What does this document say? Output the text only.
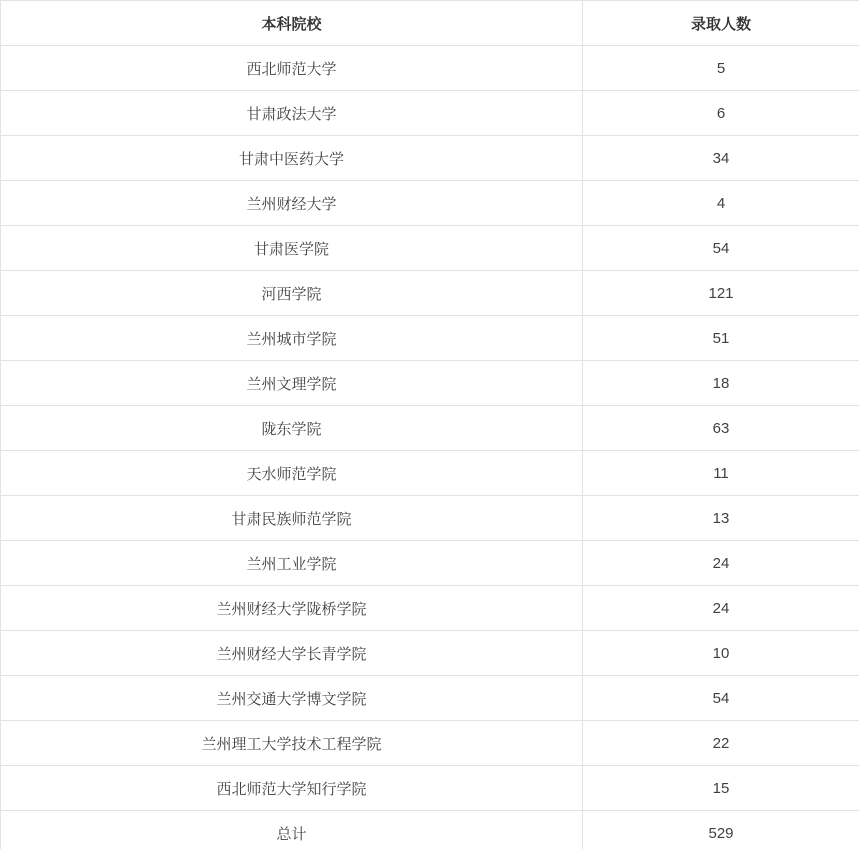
本科院校	录取人数
西北师范大学	5
甘肃政法大学	6
甘肃中医药大学	34
兰州财经大学	4
甘肃医学院	54
河西学院	121
兰州城市学院	51
兰州文理学院	18
陇东学院	63
天水师范学院	11
甘肃民族师范学院	13
兰州工业学院	24
兰州财经大学陇桥学院	24
兰州财经大学长青学院	10
兰州交通大学博文学院	54
兰州理工大学技术工程学院	22
西北师范大学知行学院	15
总计	529
